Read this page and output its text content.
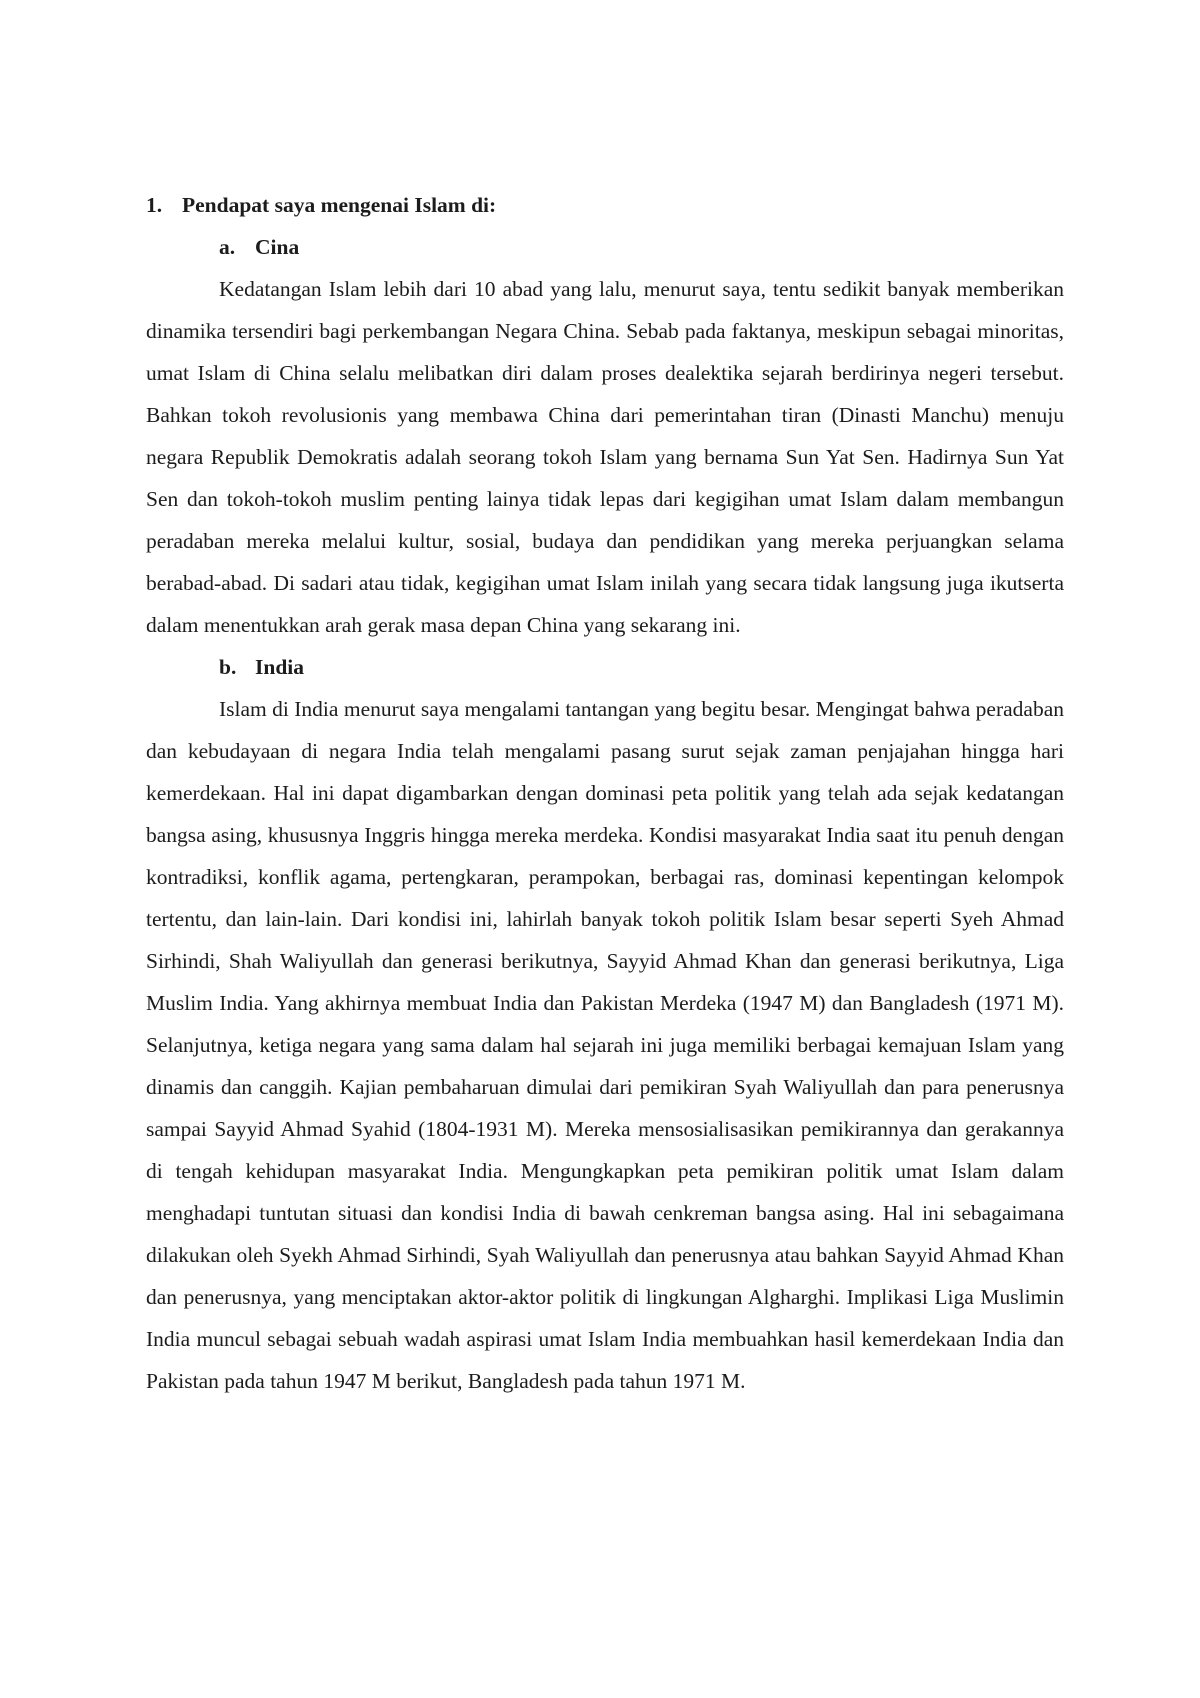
1. Pendapat saya mengenai Islam di:
a. Cina

Kedatangan Islam lebih dari 10 abad yang lalu, menurut saya, tentu sedikit banyak memberikan dinamika tersendiri bagi perkembangan Negara China. Sebab pada faktanya, meskipun sebagai minoritas, umat Islam di China selalu melibatkan diri dalam proses dealektika sejarah berdirinya negeri tersebut. Bahkan tokoh revolusionis yang membawa China dari pemerintahan tiran (Dinasti Manchu) menuju negara Republik Demokratis adalah seorang tokoh Islam yang bernama Sun Yat Sen. Hadirnya Sun Yat Sen dan tokoh-tokoh muslim penting lainya tidak lepas dari kegigihan umat Islam dalam membangun peradaban mereka melalui kultur, sosial, budaya dan pendidikan yang mereka perjuangkan selama berabad-abad. Di sadari atau tidak, kegigihan umat Islam inilah yang secara tidak langsung juga ikutserta dalam menentukkan arah gerak masa depan China yang sekarang ini.

b. India

Islam di India menurut saya mengalami tantangan yang begitu besar. Mengingat bahwa peradaban dan kebudayaan di negara India telah mengalami pasang surut sejak zaman penjajahan hingga hari kemerdekaan. Hal ini dapat digambarkan dengan dominasi peta politik yang telah ada sejak kedatangan bangsa asing, khususnya Inggris hingga mereka merdeka. Kondisi masyarakat India saat itu penuh dengan kontradiksi, konflik agama, pertengkaran, perampokan, berbagai ras, dominasi kepentingan kelompok tertentu, dan lain-lain. Dari kondisi ini, lahirlah banyak tokoh politik Islam besar seperti Syeh Ahmad Sirhindi, Shah Waliyullah dan generasi berikutnya, Sayyid Ahmad Khan dan generasi berikutnya, Liga Muslim India. Yang akhirnya membuat India dan Pakistan Merdeka (1947 M) dan Bangladesh (1971 M). Selanjutnya, ketiga negara yang sama dalam hal sejarah ini juga memiliki berbagai kemajuan Islam yang dinamis dan canggih. Kajian pembaharuan dimulai dari pemikiran Syah Waliyullah dan para penerusnya sampai Sayyid Ahmad Syahid (1804-1931 M). Mereka mensosialisasikan pemikirannya dan gerakannya di tengah kehidupan masyarakat India. Mengungkapkan peta pemikiran politik umat Islam dalam menghadapi tuntutan situasi dan kondisi India di bawah cenkreman bangsa asing. Hal ini sebagaimana dilakukan oleh Syekh Ahmad Sirhindi, Syah Waliyullah dan penerusnya atau bahkan Sayyid Ahmad Khan dan penerusnya, yang menciptakan aktor-aktor politik di lingkungan Algharghi. Implikasi Liga Muslimin India muncul sebagai sebuah wadah aspirasi umat Islam India membuahkan hasil kemerdekaan India dan Pakistan pada tahun 1947 M berikut, Bangladesh pada tahun 1971 M.
